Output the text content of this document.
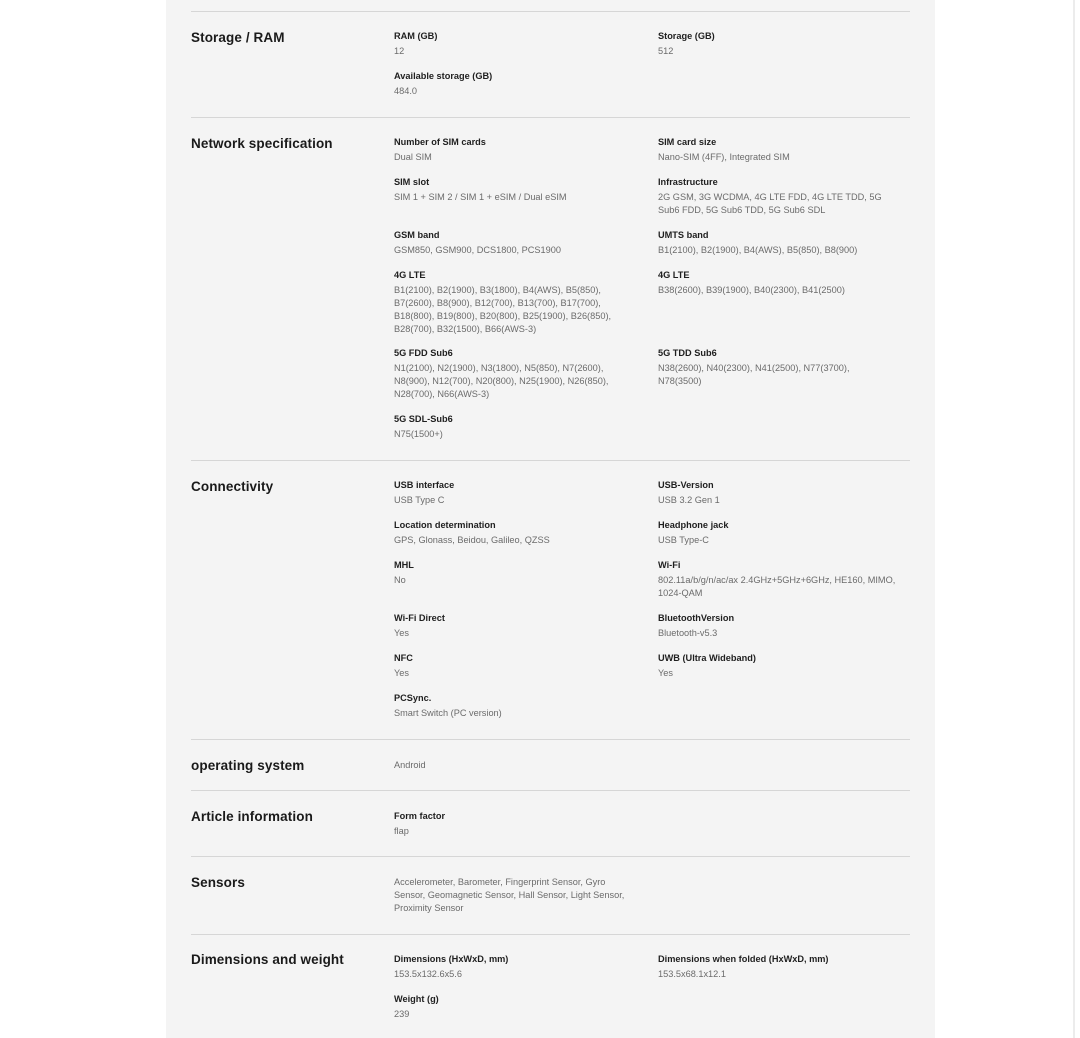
Storage / RAM	RAM (GB)
12
Storage (GB)
512
Available storage (GB)
484.0
Network specification	Number of SIM cards
Dual SIM
SIM card size
Nano-SIM (4FF), Integrated SIM
SIM slot
SIM 1 + SIM 2 / SIM 1 + eSIM / Dual eSIM
Infrastructure
2G GSM, 3G WCDMA, 4G LTE FDD, 4G LTE TDD, 5G Sub6 FDD, 5G Sub6 TDD, 5G Sub6 SDL
GSM band
GSM850, GSM900, DCS1800, PCS1900
UMTS band
B1(2100), B2(1900), B4(AWS), B5(850), B8(900)
4G LTE
B1(2100), B2(1900), B3(1800), B4(AWS), B5(850), B7(2600), B8(900), B12(700), B13(700), B17(700), B18(800), B19(800), B20(800), B25(1900), B26(850), B28(700), B32(1500), B66(AWS-3)
4G LTE
B38(2600), B39(1900), B40(2300), B41(2500)
5G FDD Sub6
N1(2100), N2(1900), N3(1800), N5(850), N7(2600), N8(900), N12(700), N20(800), N25(1900), N26(850), N28(700), N66(AWS-3)
5G TDD Sub6
N38(2600), N40(2300), N41(2500), N77(3700), N78(3500)
5G SDL-Sub6
N75(1500+)
Connectivity	USB interface
USB Type C
USB-Version
USB 3.2 Gen 1
Location determination
GPS, Glonass, Beidou, Galileo, QZSS
Headphone jack
USB Type-C
MHL
No
Wi-Fi
802.11a/b/g/n/ac/ax 2.4GHz+5GHz+6GHz, HE160, MIMO, 1024-QAM
Wi-Fi Direct
Yes
BluetoothVersion
Bluetooth-v5.3
NFC
Yes
UWB (Ultra Wideband)
Yes
PCSync.
Smart Switch (PC version)
operating system	Android
Article information	Form factor
flap
Sensors	Accelerometer, Barometer, Fingerprint Sensor, Gyro Sensor, Geomagnetic Sensor, Hall Sensor, Light Sensor, Proximity Sensor
Dimensions and weight	Dimensions (HxWxD, mm)
153.5x132.6x5.6
Dimensions when folded (HxWxD, mm)
153.5x68.1x12.1
Weight (g)
239
